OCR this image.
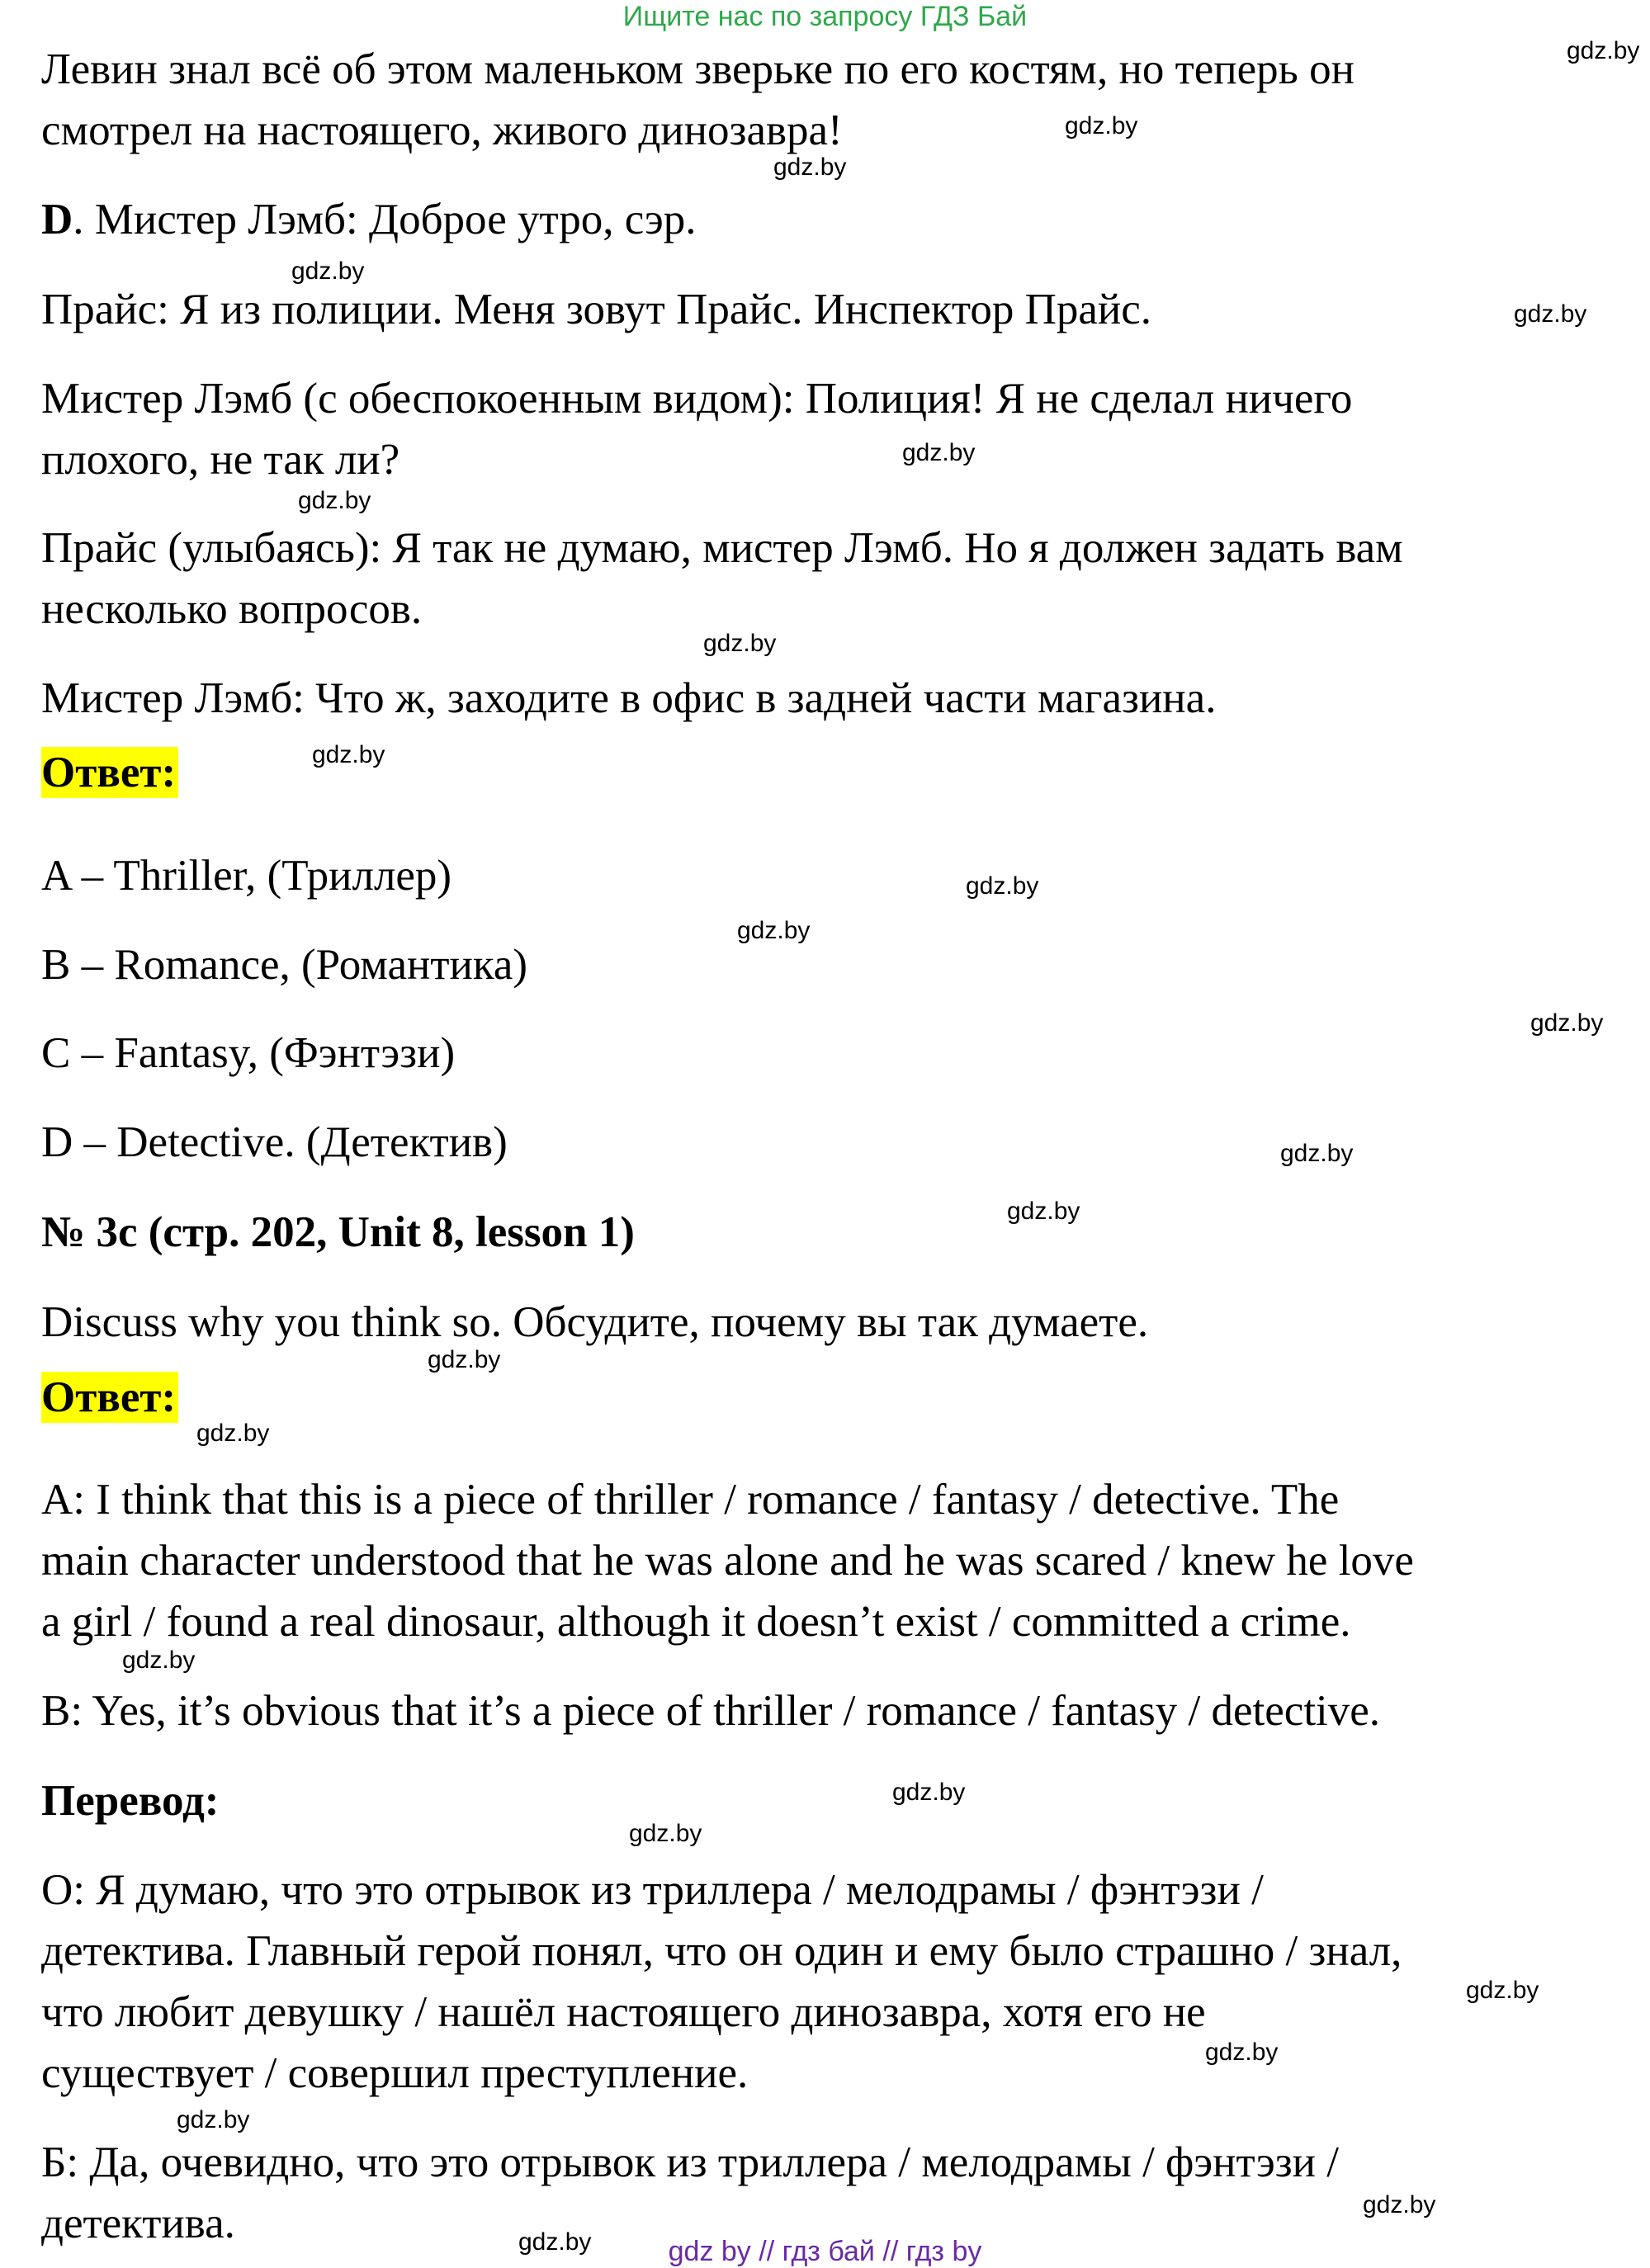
Ищите нас по запросу ГДЗ Бай
Левин знал всё об этом маленьком зверьке по его костям, но теперь он
смотрел на настоящего, живого динозавра!
D. Мистер Лэмб: Доброе утро, сэр.
Прайс: Я из полиции. Меня зовут Прайс. Инспектор Прайс.
Мистер Лэмб (с обеспокоенным видом): Полиция! Я не сделал ничего
плохого, не так ли?
Прайс (улыбаясь): Я так не думаю, мистер Лэмб. Но я должен задать вам
несколько вопросов.
Мистер Лэмб: Что ж, заходите в офис в задней части магазина.
Ответ:
A – Thriller, (Триллер)
B – Romance, (Романтика)
C – Fantasy, (Фэнтэзи)
D – Detective. (Детектив)
№ 3с (стр. 202, Unit 8, lesson 1)
Discuss why you think so. Обсудите, почему вы так думаете.
Ответ:
A: I think that this is a piece of thriller / romance / fantasy / detective. The
main character understood that he was alone and he was scared / knew he love
a girl / found a real dinosaur, although it doesn’t exist / committed a crime.
B: Yes, it’s obvious that it’s a piece of thriller / romance / fantasy / detective.
Перевод:
О: Я думаю, что это отрывок из триллера / мелодрамы / фэнтэзи /
детектива. Главный герой понял, что он один и ему было страшно / знал,
что любит девушку / нашёл настоящего динозавра, хотя его не
существует / совершил преступление.
Б: Да, очевидно, что это отрывок из триллера / мелодрамы / фэнтэзи /
детектива.
gdz.by
gdz.by
gdz.by
gdz.by
gdz.by
gdz.by
gdz.by
gdz.by
gdz.by
gdz.by
gdz.by
gdz.by
gdz.by
gdz.by
gdz.by
gdz.by
gdz.by
gdz.by
gdz.by
gdz.by
gdz.by
gdz.by
gdz.by
gdz.by	gdz by // гдз бай // гдз by
